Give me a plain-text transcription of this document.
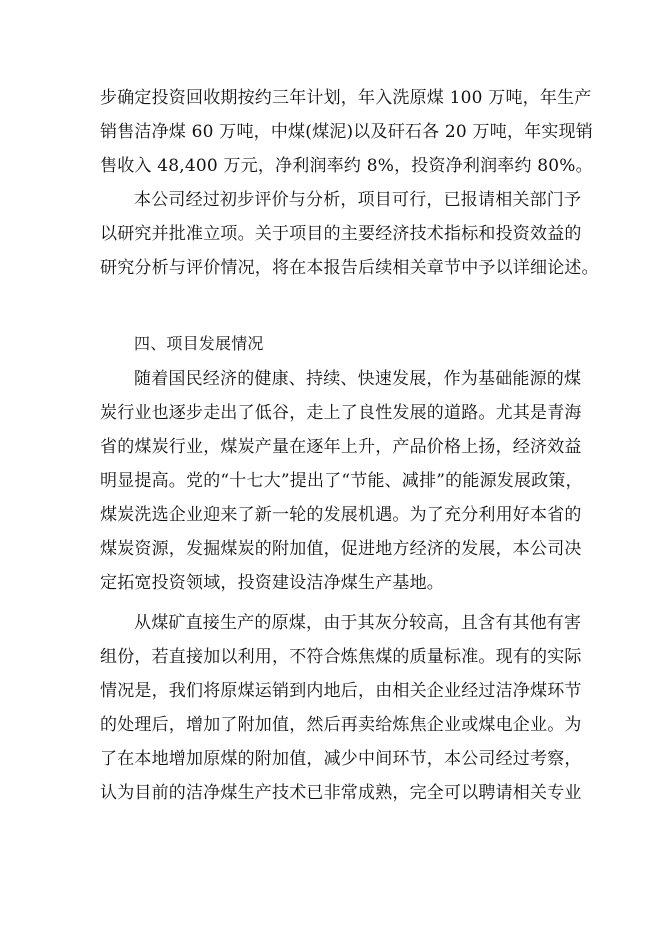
步确定投资回收期按约三年计划，年入洗原煤 100 万吨，年生产
销售洁净煤 60 万吨，中煤(煤泥)以及矸石各 20 万吨，年实现销
售收入 48,400 万元，净利润率约 8%，投资净利润率约 80%。
本公司经过初步评价与分析，项目可行，已报请相关部门予
以研究并批准立项。关于项目的主要经济技术指标和投资效益的
研究分析与评价情况，将在本报告后续相关章节中予以详细论述。
四、项目发展情况
随着国民经济的健康、持续、快速发展，作为基础能源的煤
炭行业也逐步走出了低谷，走上了良性发展的道路。尤其是青海
省的煤炭行业，煤炭产量在逐年上升，产品价格上扬，经济效益
明显提高。党的“十七大”提出了“节能、减排”的能源发展政策，
煤炭洗选企业迎来了新一轮的发展机遇。为了充分利用好本省的
煤炭资源，发掘煤炭的附加值，促进地方经济的发展，本公司决
定拓宽投资领域，投资建设洁净煤生产基地。
从煤矿直接生产的原煤，由于其灰分较高，且含有其他有害
组份，若直接加以利用，不符合炼焦煤的质量标准。现有的实际
情况是，我们将原煤运销到内地后，由相关企业经过洁净煤环节
的处理后，增加了附加值，然后再卖给炼焦企业或煤电企业。为
了在本地增加原煤的附加值，减少中间环节，本公司经过考察，
认为目前的洁净煤生产技术已非常成熟，完全可以聘请相关专业
